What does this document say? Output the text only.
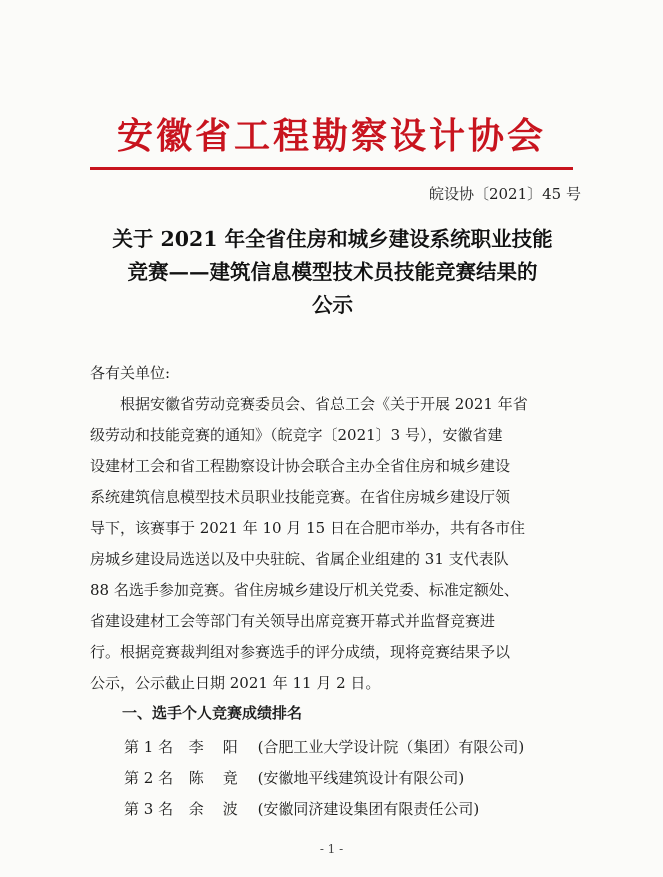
安徽省工程勘察设计协会
皖设协〔2021〕45 号
关于 2021 年全省住房和城乡建设系统职业技能
竞赛——建筑信息模型技术员技能竞赛结果的
公示
各有关单位:
　　根据安徽省劳动竞赛委员会、省总工会《关于开展 2021 年省
级劳动和技能竞赛的通知》（皖竞字〔2021〕3 号），安徽省建
设建材工会和省工程勘察设计协会联合主办全省住房和城乡建设
系统建筑信息模型技术员职业技能竞赛。在省住房城乡建设厅领
导下，该赛事于 2021 年 10 月 15 日在合肥市举办，共有各市住
房城乡建设局选送以及中央驻皖、省属企业组建的 31 支代表队
88 名选手参加竞赛。省住房城乡建设厅机关党委、标准定额处、
省建设建材工会等部门有关领导出席竞赛开幕式并监督竞赛进
行。根据竞赛裁判组对参赛选手的评分成绩，现将竞赛结果予以
公示，公示截止日期 2021 年 11 月 2 日。
一、选手个人竞赛成绩排名
第 1 名 李　阳 (合肥工业大学设计院（集团）有限公司)
第 2 名 陈　竟 (安徽地平线建筑设计有限公司)
第 3 名 余　波 (安徽同济建设集团有限责任公司)
- 1 -
